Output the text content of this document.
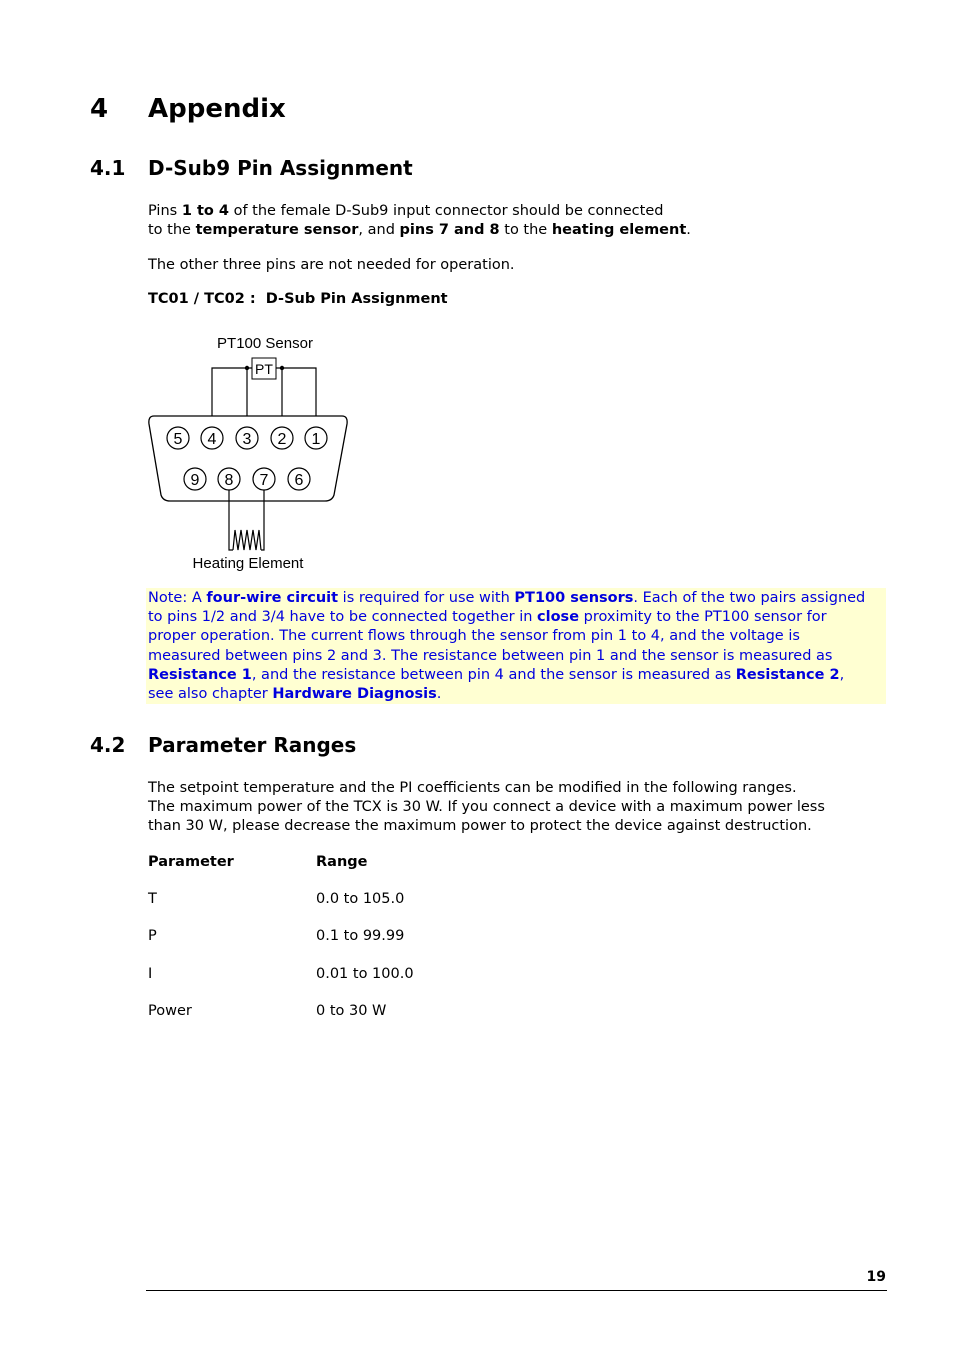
4 Appendix
4.1 D-Sub9 Pin Assignment

Pins 1 to 4 of the female D-Sub9 input connector should be connected
to the temperature sensor, and pins 7 and 8 to the heating element.

The other three pins are not needed for operation.

TC01 / TC02 :  D-Sub Pin Assignment

PT100 Sensor
PT
5 4 3 2 1
9 8 7 6
Heating Element
Note: A four-wire circuit is required for use with PT100 sensors. Each of the two pairs assigned
to pins 1/2 and 3/4 have to be connected together in close proximity to the PT100 sensor for
proper operation. The current flows through the sensor from pin 1 to 4, and the voltage is
measured between pins 2 and 3. The resistance between pin 1 and the sensor is measured as
Resistance 1, and the resistance between pin 4 and the sensor is measured as Resistance 2,
see also chapter Hardware Diagnosis.
4.2 Parameter Ranges

The setpoint temperature and the PI coefficients can be modified in the following ranges.
The maximum power of the TCX is 30 W. If you connect a device with a maximum power less
than 30 W, please decrease the maximum power to protect the device against destruction.

Parameter	Range
T	0.0 to 105.0
P	0.1 to 99.99
I	0.01 to 100.0
Power	0 to 30 W
19
